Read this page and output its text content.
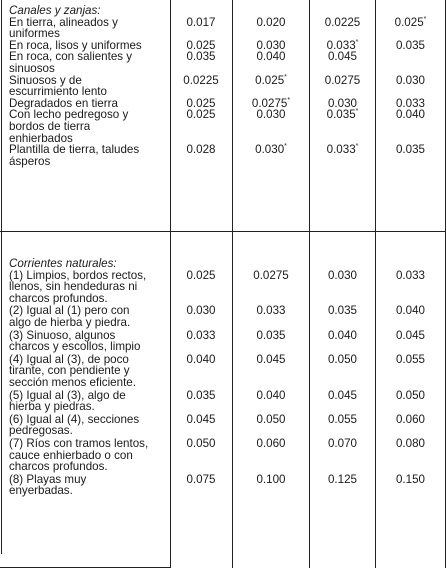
Canales y zanjas:
En tierra, alineados y
uniformes
0.017	0.020	0.0225	0.025*
En roca, lisos y uniformes	0.025	0.030	0.033*	0.035
En roca, con salientes y
sinuosos
0.035	0.040	0.045
Sinuosos y de
escurrimiento lento
0.0225	0.025*	0.0275	0.030
Degradados en tierra	0.025	0.0275*	0.030	0.033
Con lecho pedregoso y
bordos de tierra
enhierbados
0.025	0.030	0.035*	0.040
Plantilla de tierra, taludes
ásperos
0.028	0.030*	0.033*	0.035
Corrientes naturales:
(1) Limpios, bordos rectos,
llenos, sin hendeduras ni
charcos profundos.
0.025	0.0275	0.030	0.033
(2) Igual al (1) pero con
algo de hierba y piedra.
0.030	0.033	0.035	0.040
(3) Sinuoso, algunos
charcos y escollos, limpio
0.033	0.035	0.040	0.045
(4) Igual al (3), de poco
tirante, con pendiente y
sección menos eficiente.
0.040	0.045	0.050	0.055
(5) Igual al (3), algo de
hierba y piedras.
0.035	0.040	0.045	0.050
(6) Igual al (4), secciones
pedregosas.
0.045	0.050	0.055	0.060
(7) Ríos con tramos lentos,
cauce enhierbado o con
charcos profundos.
0.050	0.060	0.070	0.080
(8) Playas muy
enyerbadas.
0.075	0.100	0.125	0.150
